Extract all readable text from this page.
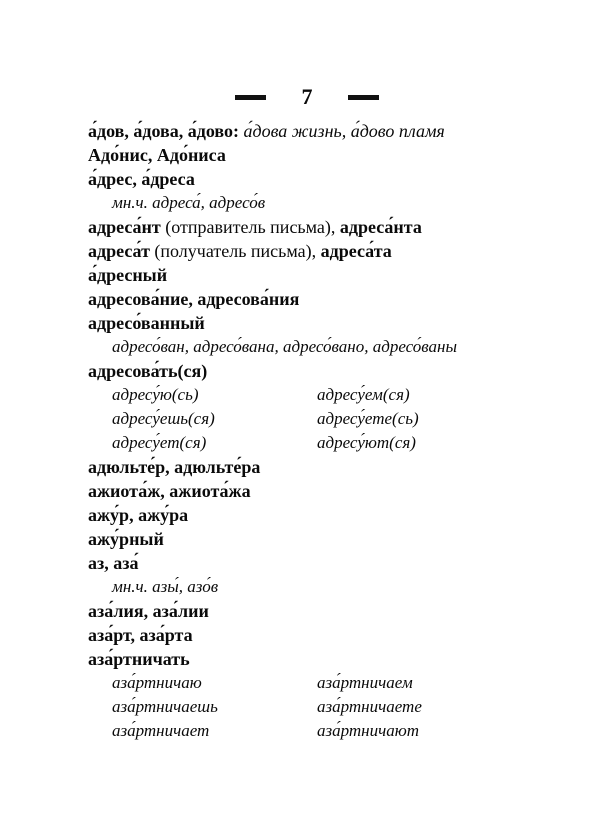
7
а́дов, а́дова, а́дово: а́дова жизнь, а́дово пламя
Адо́нис, Адо́ниса
а́дрес, а́дреса
мн.ч. адреса́, адресо́в
адреса́нт (отправитель письма), адреса́нта
адреса́т (получатель письма), адреса́та
а́дресный
адресова́ние, адресова́ния
адресо́ванный
адресо́ван, адресо́вана, адресо́вано, адресо́ваны
адресова́ть(ся)
адресу́ю(сь)	адресу́ем(ся)
адресу́ешь(ся)	адресу́ете(сь)
адресу́ет(ся)	адресу́ют(ся)
адюльте́р, адюльте́ра
ажиота́ж, ажиота́жа
ажу́р, ажу́ра
ажу́рный
аз, аза́
мн.ч. азы́, азо́в
аза́лия, аза́лии
аза́рт, аза́рта
аза́ртничать
аза́ртничаю	аза́ртничаем
аза́ртничаешь	аза́ртничаете
аза́ртничает	аза́ртничают
